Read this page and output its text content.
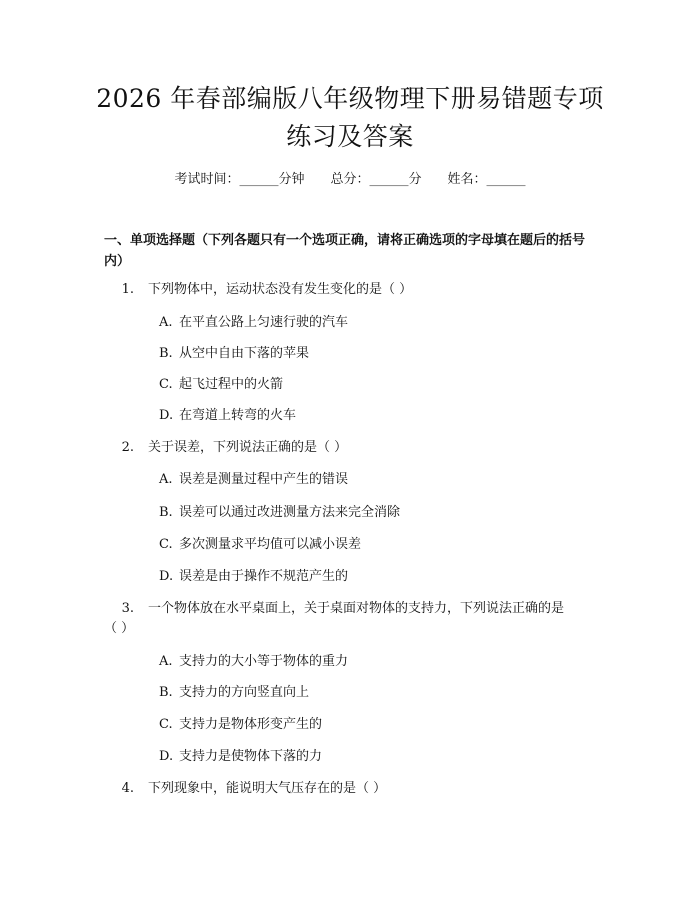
2026 年春部编版八年级物理下册易错题专项
练习及答案
考试时间：______分钟 总分：______分 姓名：______
一、单项选择题（下列各题只有一个选项正确，请将正确选项的字母填在题后的括号内）
1. 下列物体中，运动状态没有发生变化的是（ ）
A. 在平直公路上匀速行驶的汽车
B. 从空中自由下落的苹果
C. 起飞过程中的火箭
D. 在弯道上转弯的火车
2. 关于误差，下列说法正确的是（ ）
A. 误差是测量过程中产生的错误
B. 误差可以通过改进测量方法来完全消除
C. 多次测量求平均值可以减小误差
D. 误差是由于操作不规范产生的
3. 一个物体放在水平桌面上，关于桌面对物体的支持力，下列说法正确的是
（ ）
A. 支持力的大小等于物体的重力
B. 支持力的方向竖直向上
C. 支持力是物体形变产生的
D. 支持力是使物体下落的力
4. 下列现象中，能说明大气压存在的是（ ）
